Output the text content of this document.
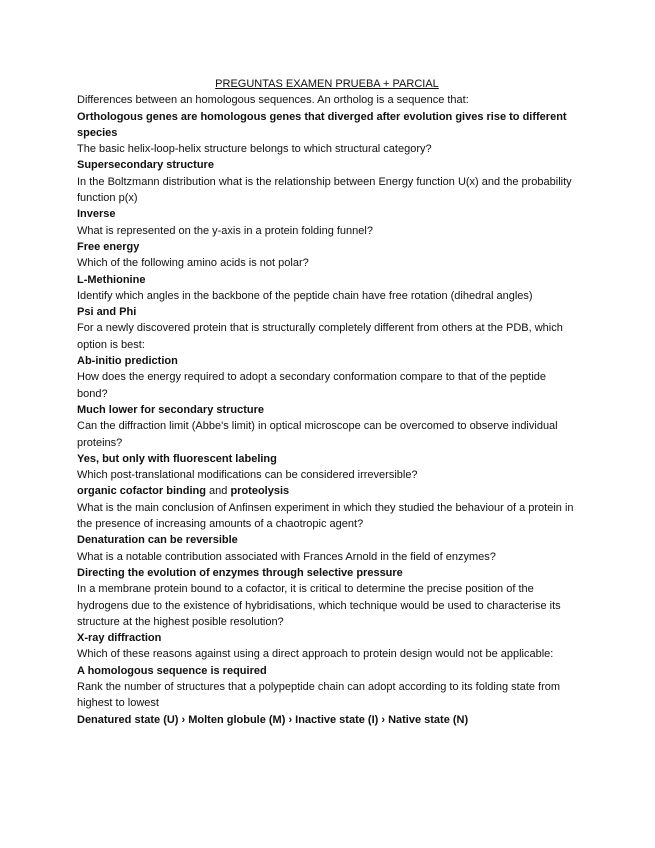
PREGUNTAS EXAMEN PRUEBA + PARCIAL

Differences between an homologous sequences. An ortholog is a sequence that:

Orthologous genes are homologous genes that diverged after evolution gives rise to different species

The basic helix-loop-helix structure belongs to which structural category?

Supersecondary structure

In the Boltzmann distribution what is the relationship between Energy function U(x) and the probability function p(x)

Inverse

What is represented on the y-axis in a protein folding funnel?

Free energy

Which of the following amino acids is not polar?

L-Methionine

Identify which angles in the backbone of the peptide chain have free rotation (dihedral angles)

Psi and Phi

For a newly discovered protein that is structurally completely different from others at the PDB, which option is best:

Ab-initio prediction

How does the energy required to adopt a secondary conformation compare to that of the peptide bond?

Much lower for secondary structure

Can the diffraction limit (Abbe's limit) in optical microscope can be overcomed to observe individual proteins?

Yes, but only with fluorescent labeling

Which post-translational modifications can be considered irreversible?

organic cofactor binding and proteolysis

What is the main conclusion of Anfinsen experiment in which they studied the behaviour of a protein in the presence of increasing amounts of a chaotropic agent?

Denaturation can be reversible

What is a notable contribution associated with Frances Arnold in the field of enzymes?

Directing the evolution of enzymes through selective pressure

In a membrane protein bound to a cofactor, it is critical to determine the precise position of the hydrogens due to the existence of hybridisations, which technique would be used to characterise its structure at the highest posible resolution?

X-ray diffraction

Which of these reasons against using a direct approach to protein design would not be applicable:

A homologous sequence is required

Rank the number of structures that a polypeptide chain can adopt according to its folding state from highest to lowest

Denatured state (U) › Molten globule (M) › Inactive state (I) › Native state (N)
